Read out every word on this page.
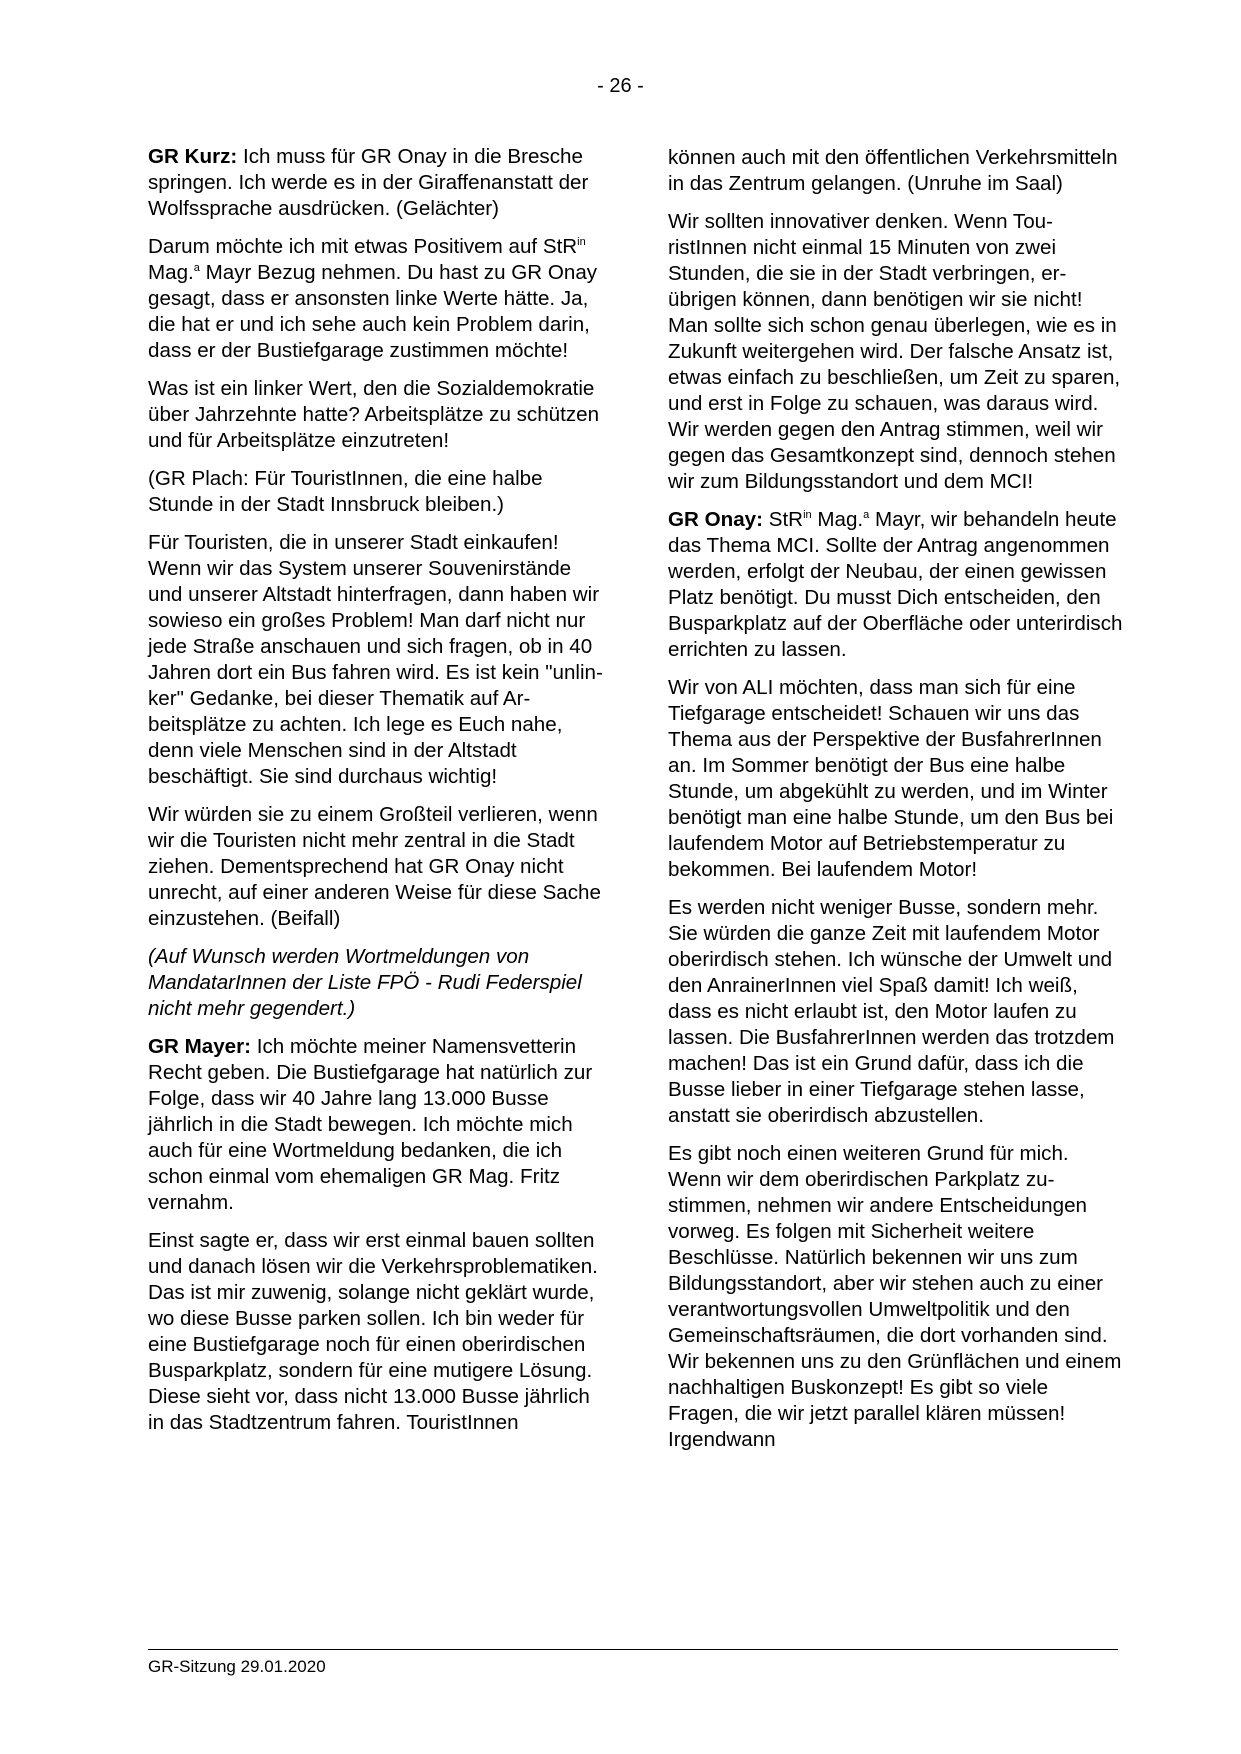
- 26 -

GR Kurz: Ich muss für GR Onay in die Bresche springen. Ich werde es in der Giraffenanstatt der Wolfssprache ausdrücken. (Gelächter)

Darum möchte ich mit etwas Positivem auf StR$^{in}$ Mag.$^a$ Mayr Bezug nehmen. Du hast zu GR Onay gesagt, dass er ansonsten linke Werte hätte. Ja, die hat er und ich sehe auch kein Problem darin, dass er der Bustiefgarage zustimmen möchte!

Was ist ein linker Wert, den die Sozialdemokratie über Jahrzehnte hatte? Arbeitsplätze zu schützen und für Arbeitsplätze einzutreten!

(GR Plach: Für TouristInnen, die eine halbe Stunde in der Stadt Innsbruck bleiben.)

Für Touristen, die in unserer Stadt einkaufen! Wenn wir das System unserer Souvenirstände und unserer Altstadt hinterfragen, dann haben wir sowieso ein großes Problem! Man darf nicht nur jede Straße anschauen und sich fragen, ob in 40 Jahren dort ein Bus fahren wird. Es ist kein "unlinker" Gedanke, bei dieser Thematik auf Arbeitsplätze zu achten. Ich lege es Euch nahe, denn viele Menschen sind in der Altstadt beschäftigt. Sie sind durchaus wichtig!

Wir würden sie zu einem Großteil verlieren, wenn wir die Touristen nicht mehr zentral in die Stadt ziehen. Dementsprechend hat GR Onay nicht unrecht, auf einer anderen Weise für diese Sache einzustehen. (Beifall)

(Auf Wunsch werden Wortmeldungen von MandatarInnen der Liste FPÖ - Rudi Federspiel nicht mehr gegendert.)

GR Mayer: Ich möchte meiner Namensvetterin Recht geben. Die Bustiefgarage hat natürlich zur Folge, dass wir 40 Jahre lang 13.000 Busse jährlich in die Stadt bewegen. Ich möchte mich auch für eine Wortmeldung bedanken, die ich schon einmal vom ehemaligen GR Mag. Fritz vernahm.

Einst sagte er, dass wir erst einmal bauen sollten und danach lösen wir die Verkehrsproblematiken. Das ist mir zuwenig, solange nicht geklärt wurde, wo diese Busse parken sollen. Ich bin weder für eine Bustiefgarage noch für einen oberirdischen Busparkplatz, sondern für eine mutigere Lösung. Diese sieht vor, dass nicht 13.000 Busse jährlich in das Stadtzentrum fahren. TouristInnen

können auch mit den öffentlichen Verkehrsmitteln in das Zentrum gelangen. (Unruhe im Saal)

Wir sollten innovativer denken. Wenn TouristInnen nicht einmal 15 Minuten von zwei Stunden, die sie in der Stadt verbringen, erübrigen können, dann benötigen wir sie nicht! Man sollte sich schon genau überlegen, wie es in Zukunft weitergehen wird. Der falsche Ansatz ist, etwas einfach zu beschließen, um Zeit zu sparen, und erst in Folge zu schauen, was daraus wird. Wir werden gegen den Antrag stimmen, weil wir gegen das Gesamtkonzept sind, dennoch stehen wir zum Bildungsstandort und dem MCI!

GR Onay: StR$^{in}$ Mag.$^a$ Mayr, wir behandeln heute das Thema MCI. Sollte der Antrag angenommen werden, erfolgt der Neubau, der einen gewissen Platz benötigt. Du musst Dich entscheiden, den Busparkplatz auf der Oberfläche oder unterirdisch errichten zu lassen.

Wir von ALI möchten, dass man sich für eine Tiefgarage entscheidet! Schauen wir uns das Thema aus der Perspektive der BusfahrerInnen an. Im Sommer benötigt der Bus eine halbe Stunde, um abgekühlt zu werden, und im Winter benötigt man eine halbe Stunde, um den Bus bei laufendem Motor auf Betriebstemperatur zu bekommen. Bei laufendem Motor!

Es werden nicht weniger Busse, sondern mehr. Sie würden die ganze Zeit mit laufendem Motor oberirdisch stehen. Ich wünsche der Umwelt und den AnrainerInnen viel Spaß damit! Ich weiß, dass es nicht erlaubt ist, den Motor laufen zu lassen. Die BusfahrerInnen werden das trotzdem machen! Das ist ein Grund dafür, dass ich die Busse lieber in einer Tiefgarage stehen lasse, anstatt sie oberirdisch abzustellen.

Es gibt noch einen weiteren Grund für mich. Wenn wir dem oberirdischen Parkplatz zustimmen, nehmen wir andere Entscheidungen vorweg. Es folgen mit Sicherheit weitere Beschlüsse. Natürlich bekennen wir uns zum Bildungsstandort, aber wir stehen auch zu einer verantwortungsvollen Umweltpolitik und den Gemeinschaftsräumen, die dort vorhanden sind. Wir bekennen uns zu den Grünflächen und einem nachhaltigen Buskonzept! Es gibt so viele Fragen, die wir jetzt parallel klären müssen! Irgendwann

GR-Sitzung 29.01.2020
